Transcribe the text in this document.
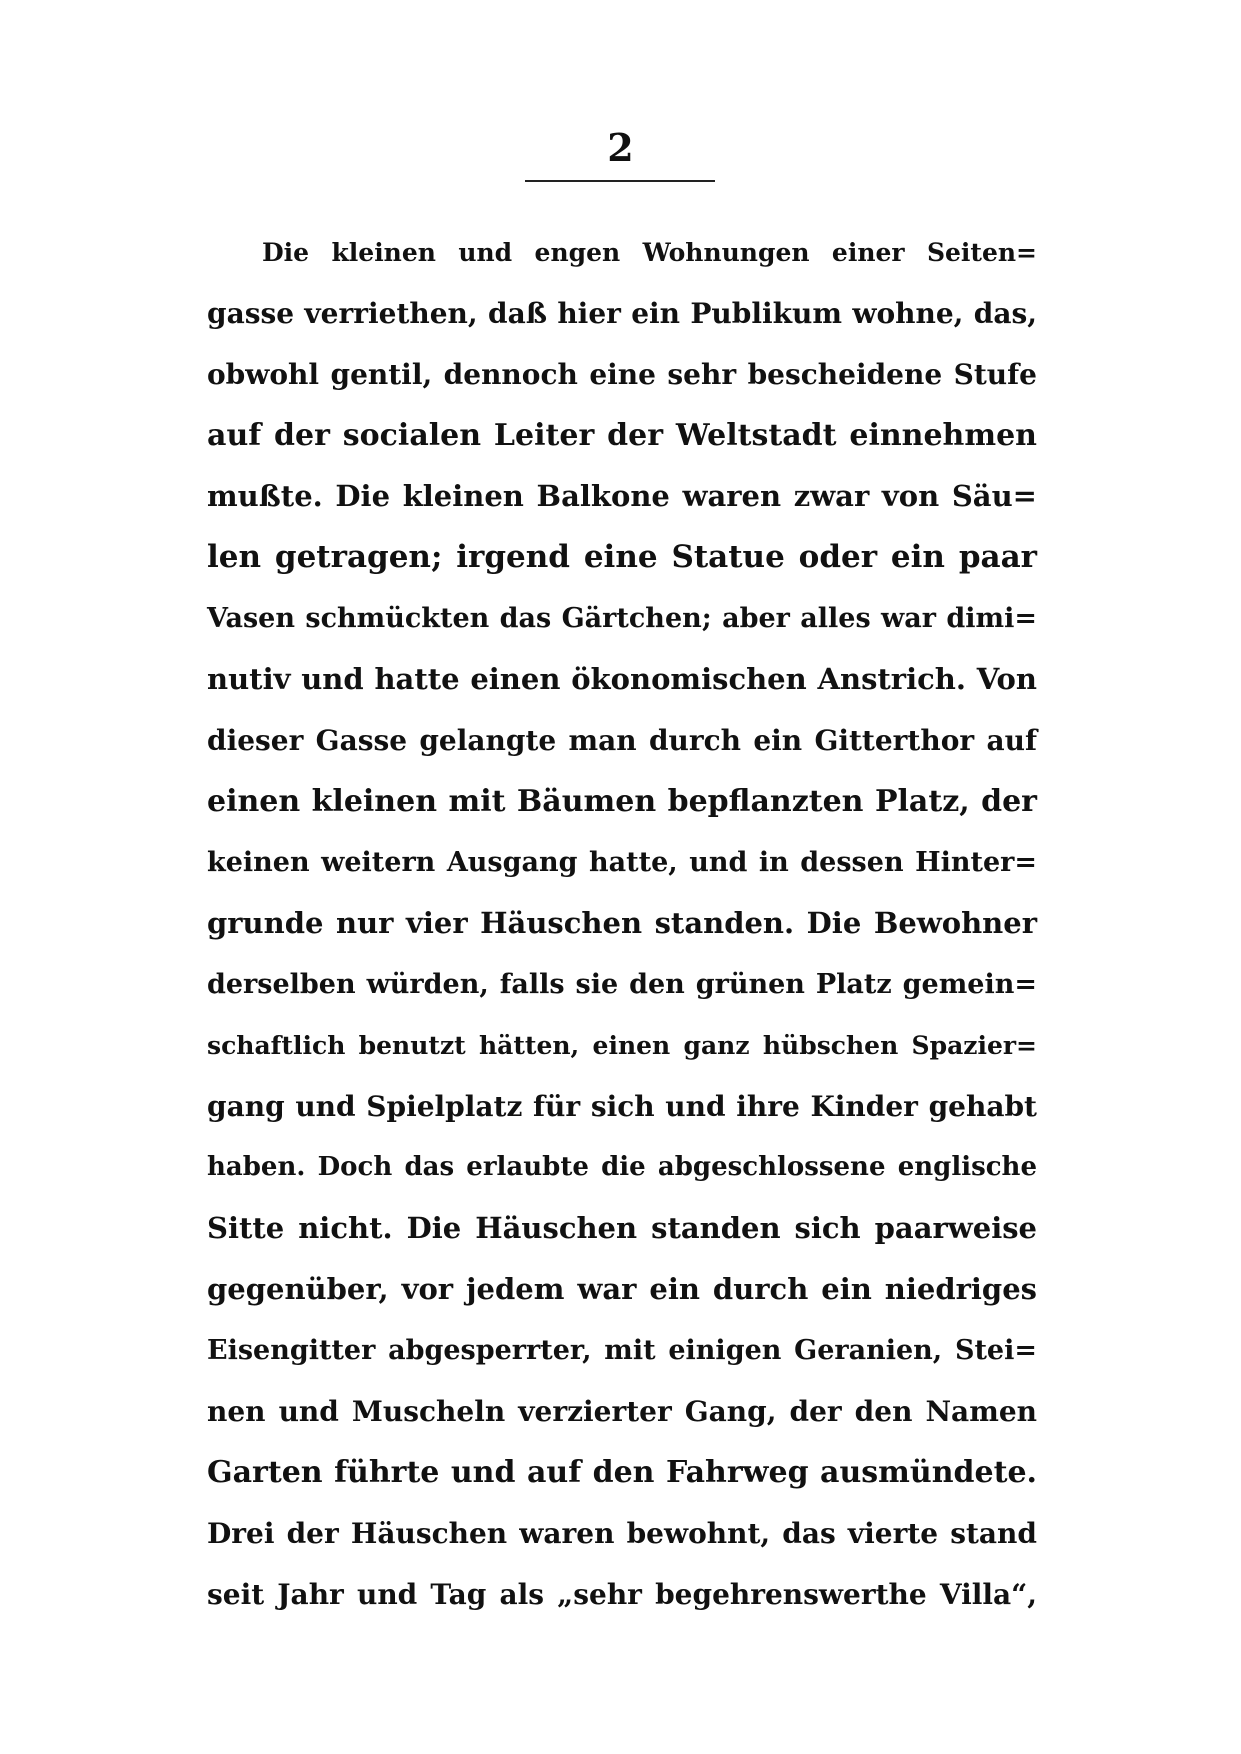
2
Die kleinen und engen Wohnungen einer Seiten=
gasse verriethen, daß hier ein Publikum wohne, das,
obwohl gentil, dennoch eine sehr bescheidene Stufe
auf der socialen Leiter der Weltstadt einnehmen
mußte. Die kleinen Balkone waren zwar von Säu=
len getragen; irgend eine Statue oder ein paar
Vasen schmückten das Gärtchen; aber alles war dimi=
nutiv und hatte einen ökonomischen Anstrich. Von
dieser Gasse gelangte man durch ein Gitterthor auf
einen kleinen mit Bäumen bepflanzten Platz, der
keinen weitern Ausgang hatte, und in dessen Hinter=
grunde nur vier Häuschen standen. Die Bewohner
derselben würden, falls sie den grünen Platz gemein=
schaftlich benutzt hätten, einen ganz hübschen Spazier=
gang und Spielplatz für sich und ihre Kinder gehabt
haben. Doch das erlaubte die abgeschlossene englische
Sitte nicht. Die Häuschen standen sich paarweise
gegenüber, vor jedem war ein durch ein niedriges
Eisengitter abgesperrter, mit einigen Geranien, Stei=
nen und Muscheln verzierter Gang, der den Namen
Garten führte und auf den Fahrweg ausmündete.
Drei der Häuschen waren bewohnt, das vierte stand
seit Jahr und Tag als „sehr begehrenswerthe Villa“,
